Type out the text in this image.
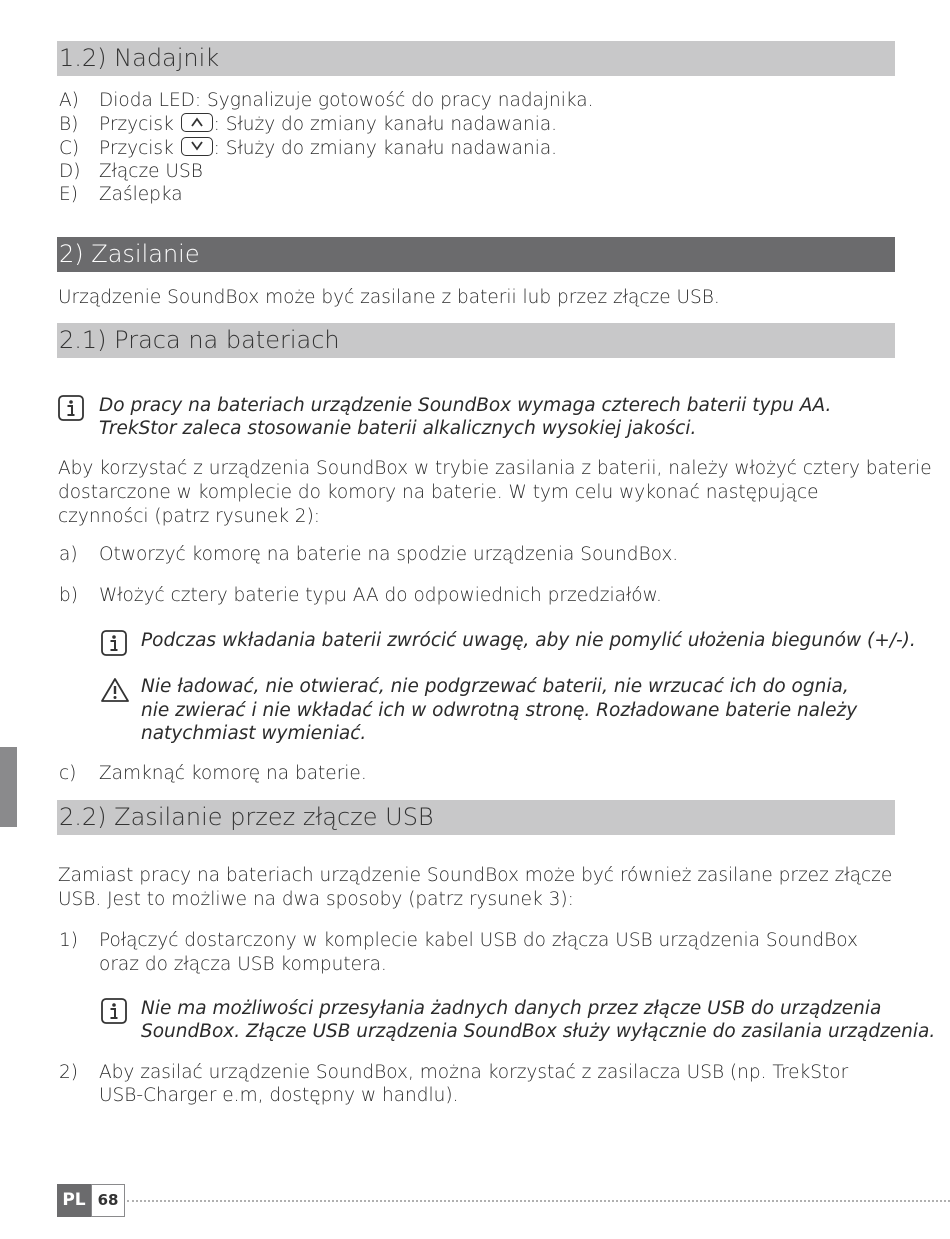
1.2) Nadajnik
A) Dioda LED: Sygnalizuje gotowość do pracy nadajnika.
B) Przycisk
: Służy do zmiany kanału nadawania.
C) Przycisk
: Służy do zmiany kanału nadawania.
D) Złącze USB
E) Zaślepka
2) Zasilanie
Urządzenie SoundBox może być zasilane z baterii lub przez złącze USB.
2.1) Praca na bateriach
Do pracy na bateriach urządzenie SoundBox wymaga czterech baterii typu AA.
TrekStor zaleca stosowanie baterii alkalicznych wysokiej jakości.
Aby korzystać z urządzenia SoundBox w trybie zasilania z baterii, należy włożyć cztery baterie
dostarczone w komplecie do komory na baterie. W tym celu wykonać następujące
czynności (patrz rysunek 2):
a) Otworzyć komorę na baterie na spodzie urządzenia SoundBox.
b) Włożyć cztery baterie typu AA do odpowiednich przedziałów.
Podczas wkładania baterii zwrócić uwagę, aby nie pomylić ułożenia biegunów (+/-).
Nie ładować, nie otwierać, nie podgrzewać baterii, nie wrzucać ich do ognia,
nie zwierać i nie wkładać ich w odwrotną stronę. Rozładowane baterie należy
natychmiast wymieniać.
c) Zamknąć komorę na baterie.
2.2) Zasilanie przez złącze USB
Zamiast pracy na bateriach urządzenie SoundBox może być również zasilane przez złącze
USB. Jest to możliwe na dwa sposoby (patrz rysunek 3):
1) Połączyć dostarczony w komplecie kabel USB do złącza USB urządzenia SoundBox
oraz do złącza USB komputera.
Nie ma możliwości przesyłania żadnych danych przez złącze USB do urządzenia
SoundBox. Złącze USB urządzenia SoundBox służy wyłącznie do zasilania urządzenia.
2) Aby zasilać urządzenie SoundBox, można korzystać z zasilacza USB (np. TrekStor
USB-Charger e.m, dostępny w handlu).
PL 68
